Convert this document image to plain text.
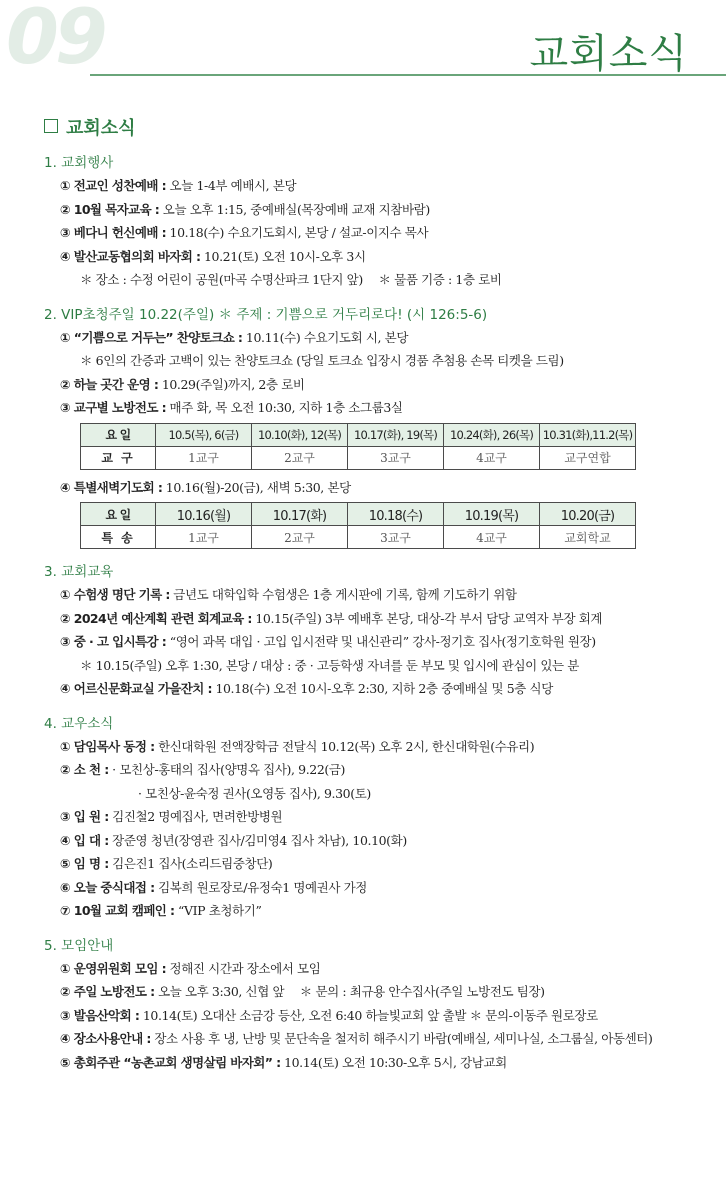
09	교회소식
교회소식
1. 교회행사
① 전교인 성찬예배 : 오늘 1-4부 예배시, 본당
② 10월 목자교육 : 오늘 오후 1:15, 중예배실(목장예배 교재 지참바람)
③ 베다니 헌신예배 : 10.18(수) 수요기도회시, 본당 / 설교-이지수 목사
④ 발산교동협의회 바자회 : 10.21(토) 오전 10시-오후 3시
＊ 장소 : 수정 어린이 공원(마곡 수명산파크 1단지 앞)　 ＊ 물품 기증 : 1층 로비
2. VIP초청주일 10.22(주일) ＊ 주제 : 기쁨으로 거두리로다! (시 126:5-6)
① “기쁨으로 거두는” 찬양토크쇼 : 10.11(수) 수요기도회 시, 본당
＊ 6인의 간증과 고백이 있는 찬양토크쇼 (당일 토크쇼 입장시 경품 추첨용 손목 티켓을 드림)
② 하늘 곳간 운영 : 10.29(주일)까지, 2층 로비
③ 교구별 노방전도 : 매주 화, 목 오전 10:30, 지하 1층 소그룹3실
요 일	10.5(목), 6(금)	10.10(화), 12(목)	10.17(화), 19(목)	10.24(화), 26(목)	10.31(화),11.2(목)
교 구	1교구	2교구	3교구	4교구	교구연합
④ 특별새벽기도회 : 10.16(월)-20(금), 새벽 5:30, 본당
요 일	10.16(월)	10.17(화)	10.18(수)	10.19(목)	10.20(금)
특 송	1교구	2교구	3교구	4교구	교회학교
3. 교회교육
① 수험생 명단 기록 : 금년도 대학입학 수험생은 1층 게시판에 기록, 함께 기도하기 위함
② 2024년 예산계획 관련 회계교육 : 10.15(주일) 3부 예배후 본당, 대상-각 부서 담당 교역자 부장 회계
③ 중 · 고 입시특강 : “영어 과목 대입 · 고입 입시전략 및 내신관리” 강사-정기호 집사(정기호학원 원장)
＊ 10.15(주일) 오후 1:30, 본당 / 대상 : 중 · 고등학생 자녀를 둔 부모 및 입시에 관심이 있는 분
④ 어르신문화교실 가을잔치 : 10.18(수) 오전 10시-오후 2:30, 지하 2층 중예배실 및 5층 식당
4. 교우소식
① 담임목사 동정 : 한신대학원 전액장학금 전달식 10.12(목) 오후 2시, 한신대학원(수유리)
② 소 천 : · 모친상-홍태의 집사(양명옥 집사), 9.22(금)
· 모친상-윤숙정 권사(오영동 집사), 9.30(토)
③ 입 원 : 김진철2 명예집사, 면려한방병원
④ 입 대 : 장준영 청년(장영관 집사/김미영4 집사 차남), 10.10(화)
⑤ 임 명 : 김은진1 집사(소리드림중창단)
⑥ 오늘 중식대접 : 김복희 원로장로/유정숙1 명예권사 가정
⑦ 10월 교회 캠페인 : “VIP 초청하기”
5. 모임안내
① 운영위원회 모임 : 정해진 시간과 장소에서 모임
② 주일 노방전도 : 오늘 오후 3:30, 신협 앞　 ＊ 문의 : 최규용 안수집사(주일 노방전도 팀장)
③ 발음산악회 : 10.14(토) 오대산 소금강 등산, 오전 6:40 하늘빛교회 앞 출발 ＊ 문의-이동주 원로장로
④ 장소사용안내 : 장소 사용 후 냉, 난방 및 문단속을 철저히 해주시기 바람(예배실, 세미나실, 소그룹실, 아동센터)
⑤ 총회주관 “농촌교회 생명살림 바자회” : 10.14(토) 오전 10:30-오후 5시, 강남교회
